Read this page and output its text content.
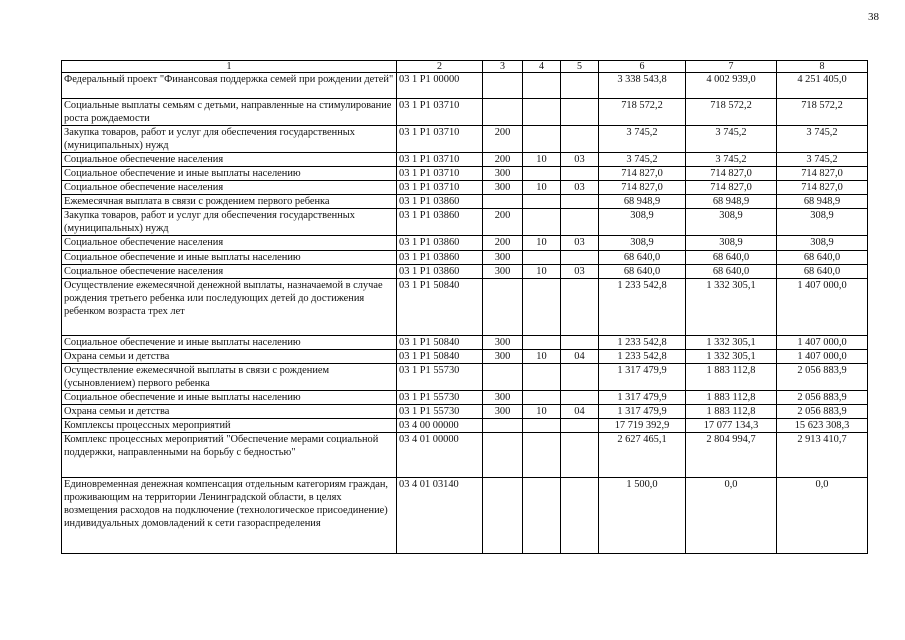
38
1	2	3	4	5	6	7	8
Федеральный проект "Финансовая поддержка семей при рождении детей"	03 1 P1 00000				3 338 543,8	4 002 939,0	4 251 405,0
Социальные выплаты семьям с детьми, направленные на стимулирование роста рождаемости	03 1 P1 03710				718 572,2	718 572,2	718 572,2
Закупка товаров, работ и услуг для обеспечения государственных (муниципальных) нужд	03 1 P1 03710	200			3 745,2	3 745,2	3 745,2
Социальное обеспечение населения	03 1 P1 03710	200	10	03	3 745,2	3 745,2	3 745,2
Социальное обеспечение и иные выплаты населению	03 1 P1 03710	300			714 827,0	714 827,0	714 827,0
Социальное обеспечение населения	03 1 P1 03710	300	10	03	714 827,0	714 827,0	714 827,0
Ежемесячная выплата в связи с рождением первого ребенка	03 1 P1 03860				68 948,9	68 948,9	68 948,9
Закупка товаров, работ и услуг для обеспечения государственных (муниципальных) нужд	03 1 P1 03860	200			308,9	308,9	308,9
Социальное обеспечение населения	03 1 P1 03860	200	10	03	308,9	308,9	308,9
Социальное обеспечение и иные выплаты населению	03 1 P1 03860	300			68 640,0	68 640,0	68 640,0
Социальное обеспечение населения	03 1 P1 03860	300	10	03	68 640,0	68 640,0	68 640,0
Осуществление ежемесячной денежной выплаты, назначаемой в случае рождения третьего ребенка или последующих детей до достижения ребенком возраста трех лет	03 1 P1 50840				1 233 542,8	1 332 305,1	1 407 000,0
Социальное обеспечение и иные выплаты населению	03 1 P1 50840	300			1 233 542,8	1 332 305,1	1 407 000,0
Охрана семьи и детства	03 1 P1 50840	300	10	04	1 233 542,8	1 332 305,1	1 407 000,0
Осуществление ежемесячной выплаты в связи с рождением (усыновлением) первого ребенка	03 1 P1 55730				1 317 479,9	1 883 112,8	2 056 883,9
Социальное обеспечение и иные выплаты населению	03 1 P1 55730	300			1 317 479,9	1 883 112,8	2 056 883,9
Охрана семьи и детства	03 1 P1 55730	300	10	04	1 317 479,9	1 883 112,8	2 056 883,9
Комплексы процессных мероприятий	03 4 00 00000				17 719 392,9	17 077 134,3	15 623 308,3
Комплекс процессных мероприятий "Обеспечение мерами социальной поддержки, направленными на борьбу с бедностью"	03 4 01 00000				2 627 465,1	2 804 994,7	2 913 410,7
Единовременная денежная компенсация отдельным категориям граждан, проживающим на территории Ленинградской области, в целях возмещения расходов на подключение (технологическое присоединение) индивидуальных домовладений к сети газораспределения	03 4 01 03140				1 500,0	0,0	0,0
